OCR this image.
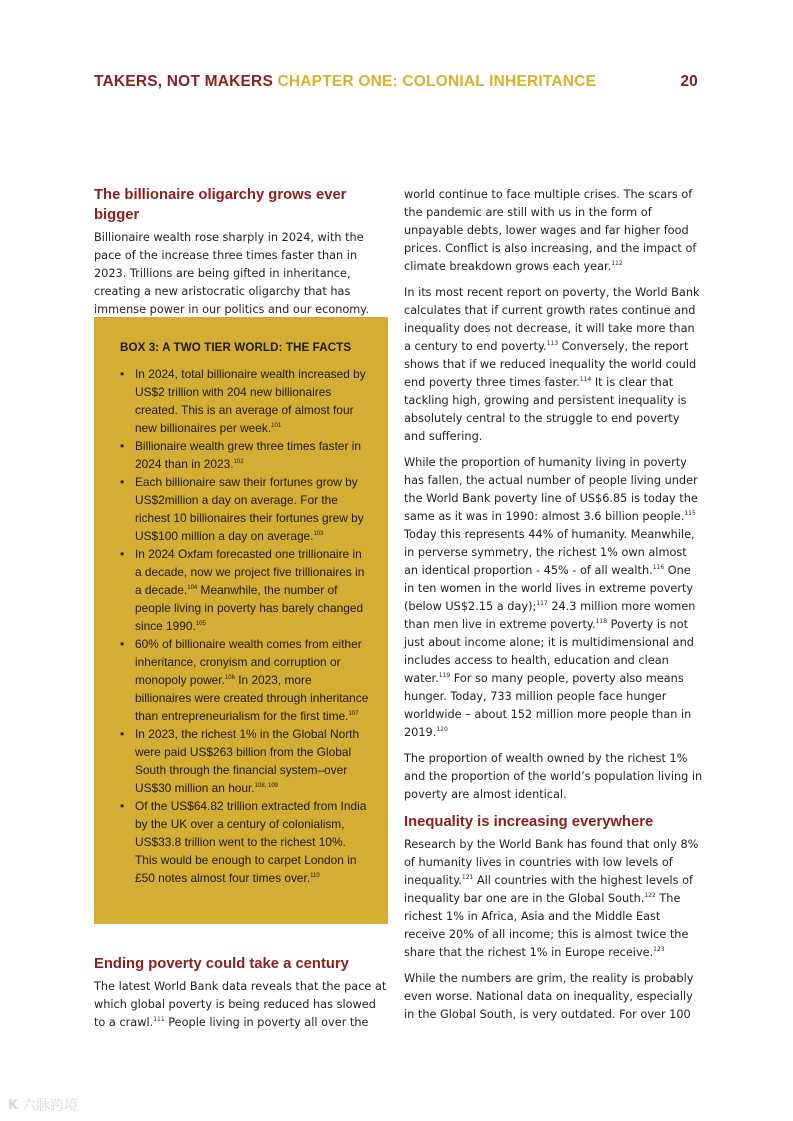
TAKERS, NOT MAKERS CHAPTER ONE: COLONIAL INHERITANCE	20
The billionaire oligarchy grows ever bigger

Billionaire wealth rose sharply in 2024, with the pace of the increase three times faster than in 2023. Trillions are being gifted in inheritance, creating a new aristocratic oligarchy that has immense power in our politics and our economy.

BOX 3: A TWO TIER WORLD: THE FACTS
• In 2024, total billionaire wealth increased by US$2 trillion with 204 new billionaires created. This is an average of almost four new billionaires per week.$^{101}$
• Billionaire wealth grew three times faster in 2024 than in 2023.$^{102}$
• Each billionaire saw their fortunes grow by US$2million a day on average. For the richest 10 billionaires their fortunes grew by US$100 million a day on average.$^{103}$
• In 2024 Oxfam forecasted one trillionaire in a decade, now we project five trillionaires in a decade.$^{104}$ Meanwhile, the number of people living in poverty has barely changed since 1990.$^{105}$
• 60% of billionaire wealth comes from either inheritance, cronyism and corruption or monopoly power.$^{106}$ In 2023, more billionaires were created through inheritance than entrepreneurialism for the first time.$^{107}$
• In 2023, the richest 1% in the Global North were paid US$263 billion from the Global South through the financial system–over US$30 million an hour.$^{108, 109}$
• Of the US$64.82 trillion extracted from India by the UK over a century of colonialism, US$33.8 trillion went to the richest 10%. This would be enough to carpet London in £50 notes almost four times over.$^{110}$
Ending poverty could take a century

The latest World Bank data reveals that the pace at which global poverty is being reduced has slowed to a crawl.$^{111}$ People living in poverty all over the

world continue to face multiple crises. The scars of the pandemic are still with us in the form of unpayable debts, lower wages and far higher food prices. Conflict is also increasing, and the impact of climate breakdown grows each year.$^{112}$

In its most recent report on poverty, the World Bank calculates that if current growth rates continue and inequality does not decrease, it will take more than a century to end poverty.$^{113}$ Conversely, the report shows that if we reduced inequality the world could end poverty three times faster.$^{114}$ It is clear that tackling high, growing and persistent inequality is absolutely central to the struggle to end poverty and suffering.

While the proportion of humanity living in poverty has fallen, the actual number of people living under the World Bank poverty line of US$6.85 is today the same as it was in 1990: almost 3.6 billion people.$^{115}$ Today this represents 44% of humanity. Meanwhile, in perverse symmetry, the richest 1% own almost an identical proportion - 45% - of all wealth.$^{116}$ One in ten women in the world lives in extreme poverty (below US$2.15 a day);$^{117}$ 24.3 million more women than men live in extreme poverty.$^{118}$ Poverty is not just about income alone; it is multidimensional and includes access to health, education and clean water.$^{119}$ For so many people, poverty also means hunger. Today, 733 million people face hunger worldwide – about 152 million more people than in 2019.$^{120}$

The proportion of wealth owned by the richest 1% and the proportion of the world’s population living in poverty are almost identical.

Inequality is increasing everywhere

Research by the World Bank has found that only 8% of humanity lives in countries with low levels of inequality.$^{121}$ All countries with the highest levels of inequality bar one are in the Global South.$^{122}$ The richest 1% in Africa, Asia and the Middle East receive 20% of all income; this is almost twice the share that the richest 1% in Europe receive.$^{123}$

While the numbers are grim, the reality is probably even worse. National data on inequality, especially in the Global South, is very outdated. For over 100

K 六脉跨境
